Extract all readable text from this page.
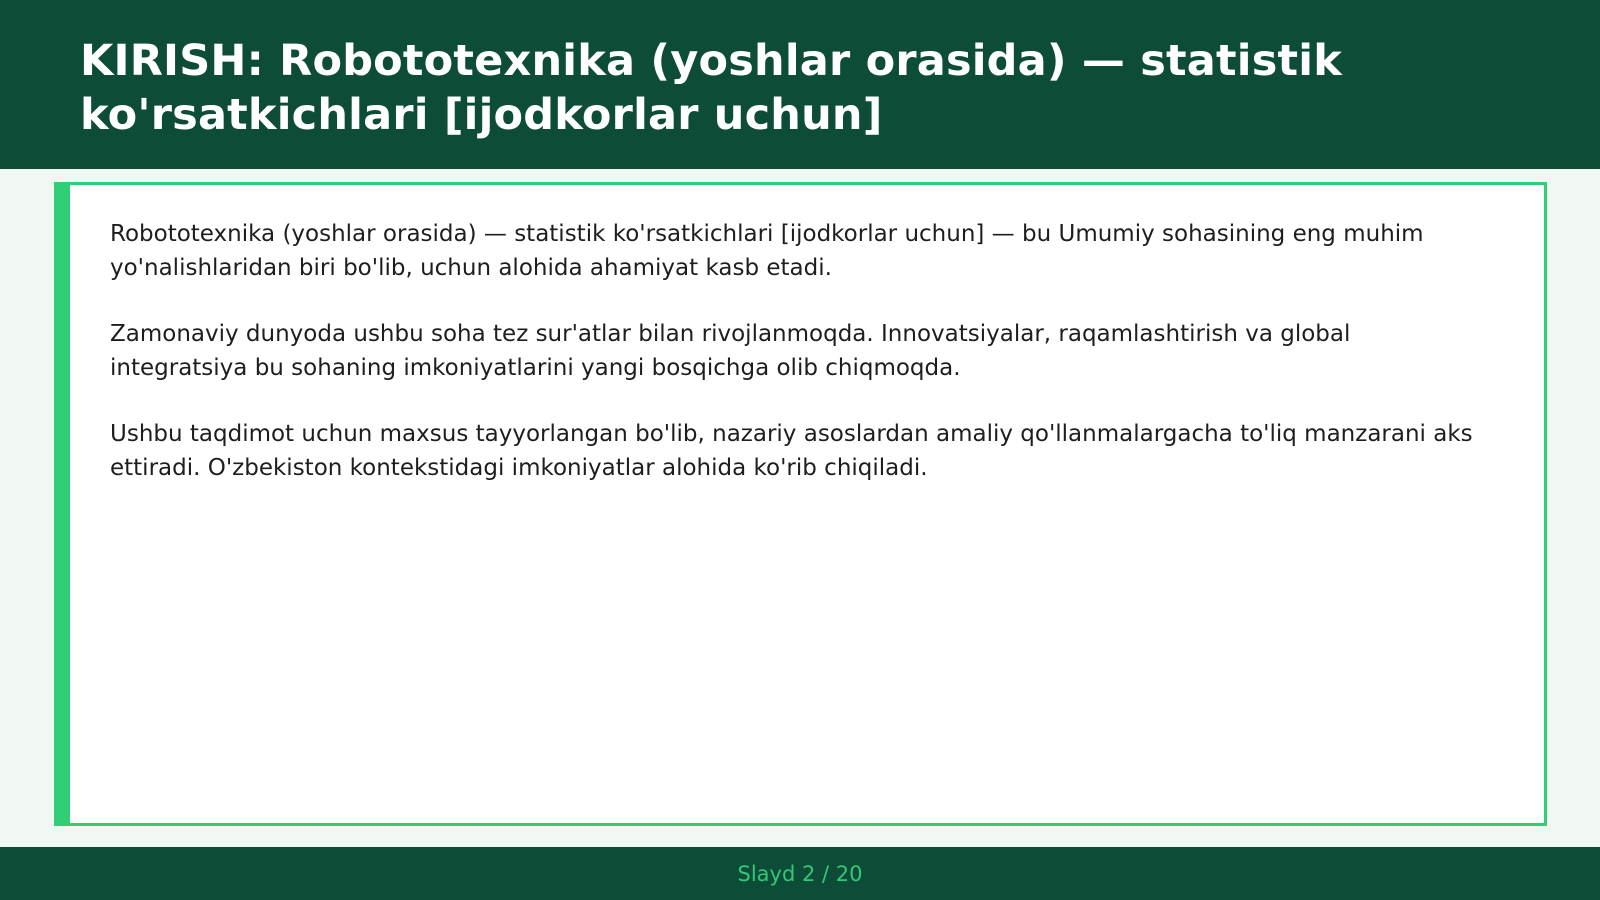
KIRISH: Robototexnika (yoshlar orasida) — statistik ko'rsatkichlari [ijodkorlar uchun]

Robototexnika (yoshlar orasida) — statistik ko'rsatkichlari [ijodkorlar uchun] — bu Umumiy sohasining eng muhim yo'nalishlaridan biri bo'lib, uchun alohida ahamiyat kasb etadi.

Zamonaviy dunyoda ushbu soha tez sur'atlar bilan rivojlanmoqda. Innovatsiyalar, raqamlashtirish va global integratsiya bu sohaning imkoniyatlarini yangi bosqichga olib chiqmoqda.

Ushbu taqdimot uchun maxsus tayyorlangan bo'lib, nazariy asoslardan amaliy qo'llanmalargacha to'liq manzarani aks ettiradi. O'zbekiston kontekstidagi imkoniyatlar alohida ko'rib chiqiladi.

Slayd 2 / 20
